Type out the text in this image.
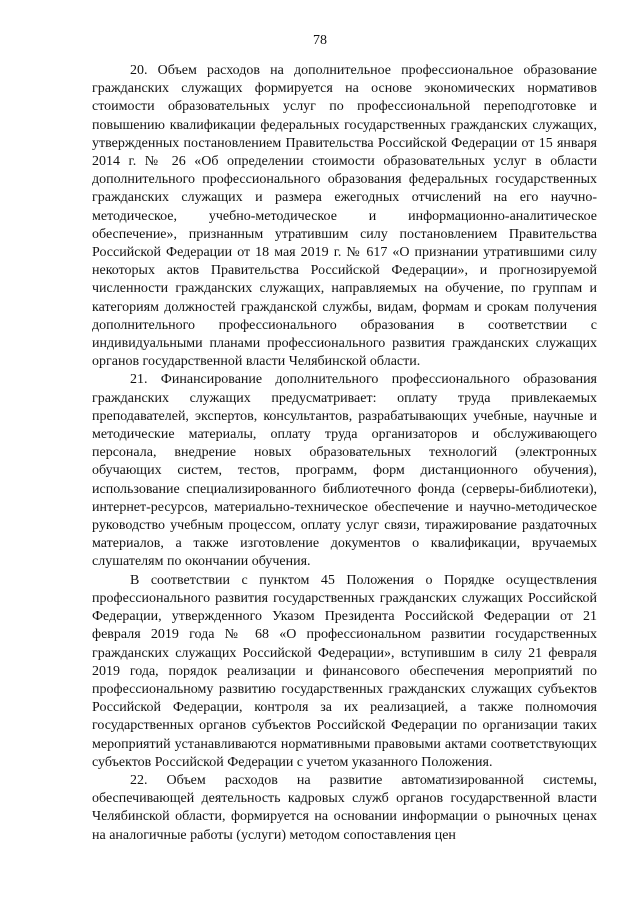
78

20. Объем расходов на дополнительное профессиональное образование гражданских служащих формируется на основе экономических нормативов стоимости образовательных услуг по профессиональной переподготовке и повышению квалификации федеральных государственных гражданских служащих, утвержденных постановлением Правительства Российской Федерации от 15 января 2014 г. № 26 «Об определении стоимости образовательных услуг в области дополнительного профессионального образования федеральных государственных гражданских служащих и размера ежегодных отчислений на его научно-методическое, учебно-методическое и информационно-аналитическое обеспечение», признанным утратившим силу постановлением Правительства Российской Федерации от 18 мая 2019 г. № 617 «О признании утратившими силу некоторых актов Правительства Российской Федерации», и прогнозируемой численности гражданских служащих, направляемых на обучение, по группам и категориям должностей гражданской службы, видам, формам и срокам получения дополнительного профессионального образования в соответствии с индивидуальными планами профессионального развития гражданских служащих органов государственной власти Челябинской области.

21. Финансирование дополнительного профессионального образования гражданских служащих предусматривает: оплату труда привлекаемых преподавателей, экспертов, консультантов, разрабатывающих учебные, научные и методические материалы, оплату труда организаторов и обслуживающего персонала, внедрение новых образовательных технологий (электронных обучающих систем, тестов, программ, форм дистанционного обучения), использование специализированного библиотечного фонда (серверы-библиотеки), интернет-ресурсов, материально-техническое обеспечение и научно-методическое руководство учебным процессом, оплату услуг связи, тиражирование раздаточных материалов, а также изготовление документов о квалификации, вручаемых слушателям по окончании обучения.

В соответствии с пунктом 45 Положения о Порядке осуществления профессионального развития государственных гражданских служащих Российской Федерации, утвержденного Указом Президента Российской Федерации от 21 февраля 2019 года № 68 «О профессиональном развитии государственных гражданских служащих Российской Федерации», вступившим в силу 21 февраля 2019 года, порядок реализации и финансового обеспечения мероприятий по профессиональному развитию государственных гражданских служащих субъектов Российской Федерации, контроля за их реализацией, а также полномочия государственных органов субъектов Российской Федерации по организации таких мероприятий устанавливаются нормативными правовыми актами соответствующих субъектов Российской Федерации с учетом указанного Положения.

22. Объем расходов на развитие автоматизированной системы, обеспечивающей деятельность кадровых служб органов государственной власти Челябинской области, формируется на основании информации о рыночных ценах на аналогичные работы (услуги) методом сопоставления цен
